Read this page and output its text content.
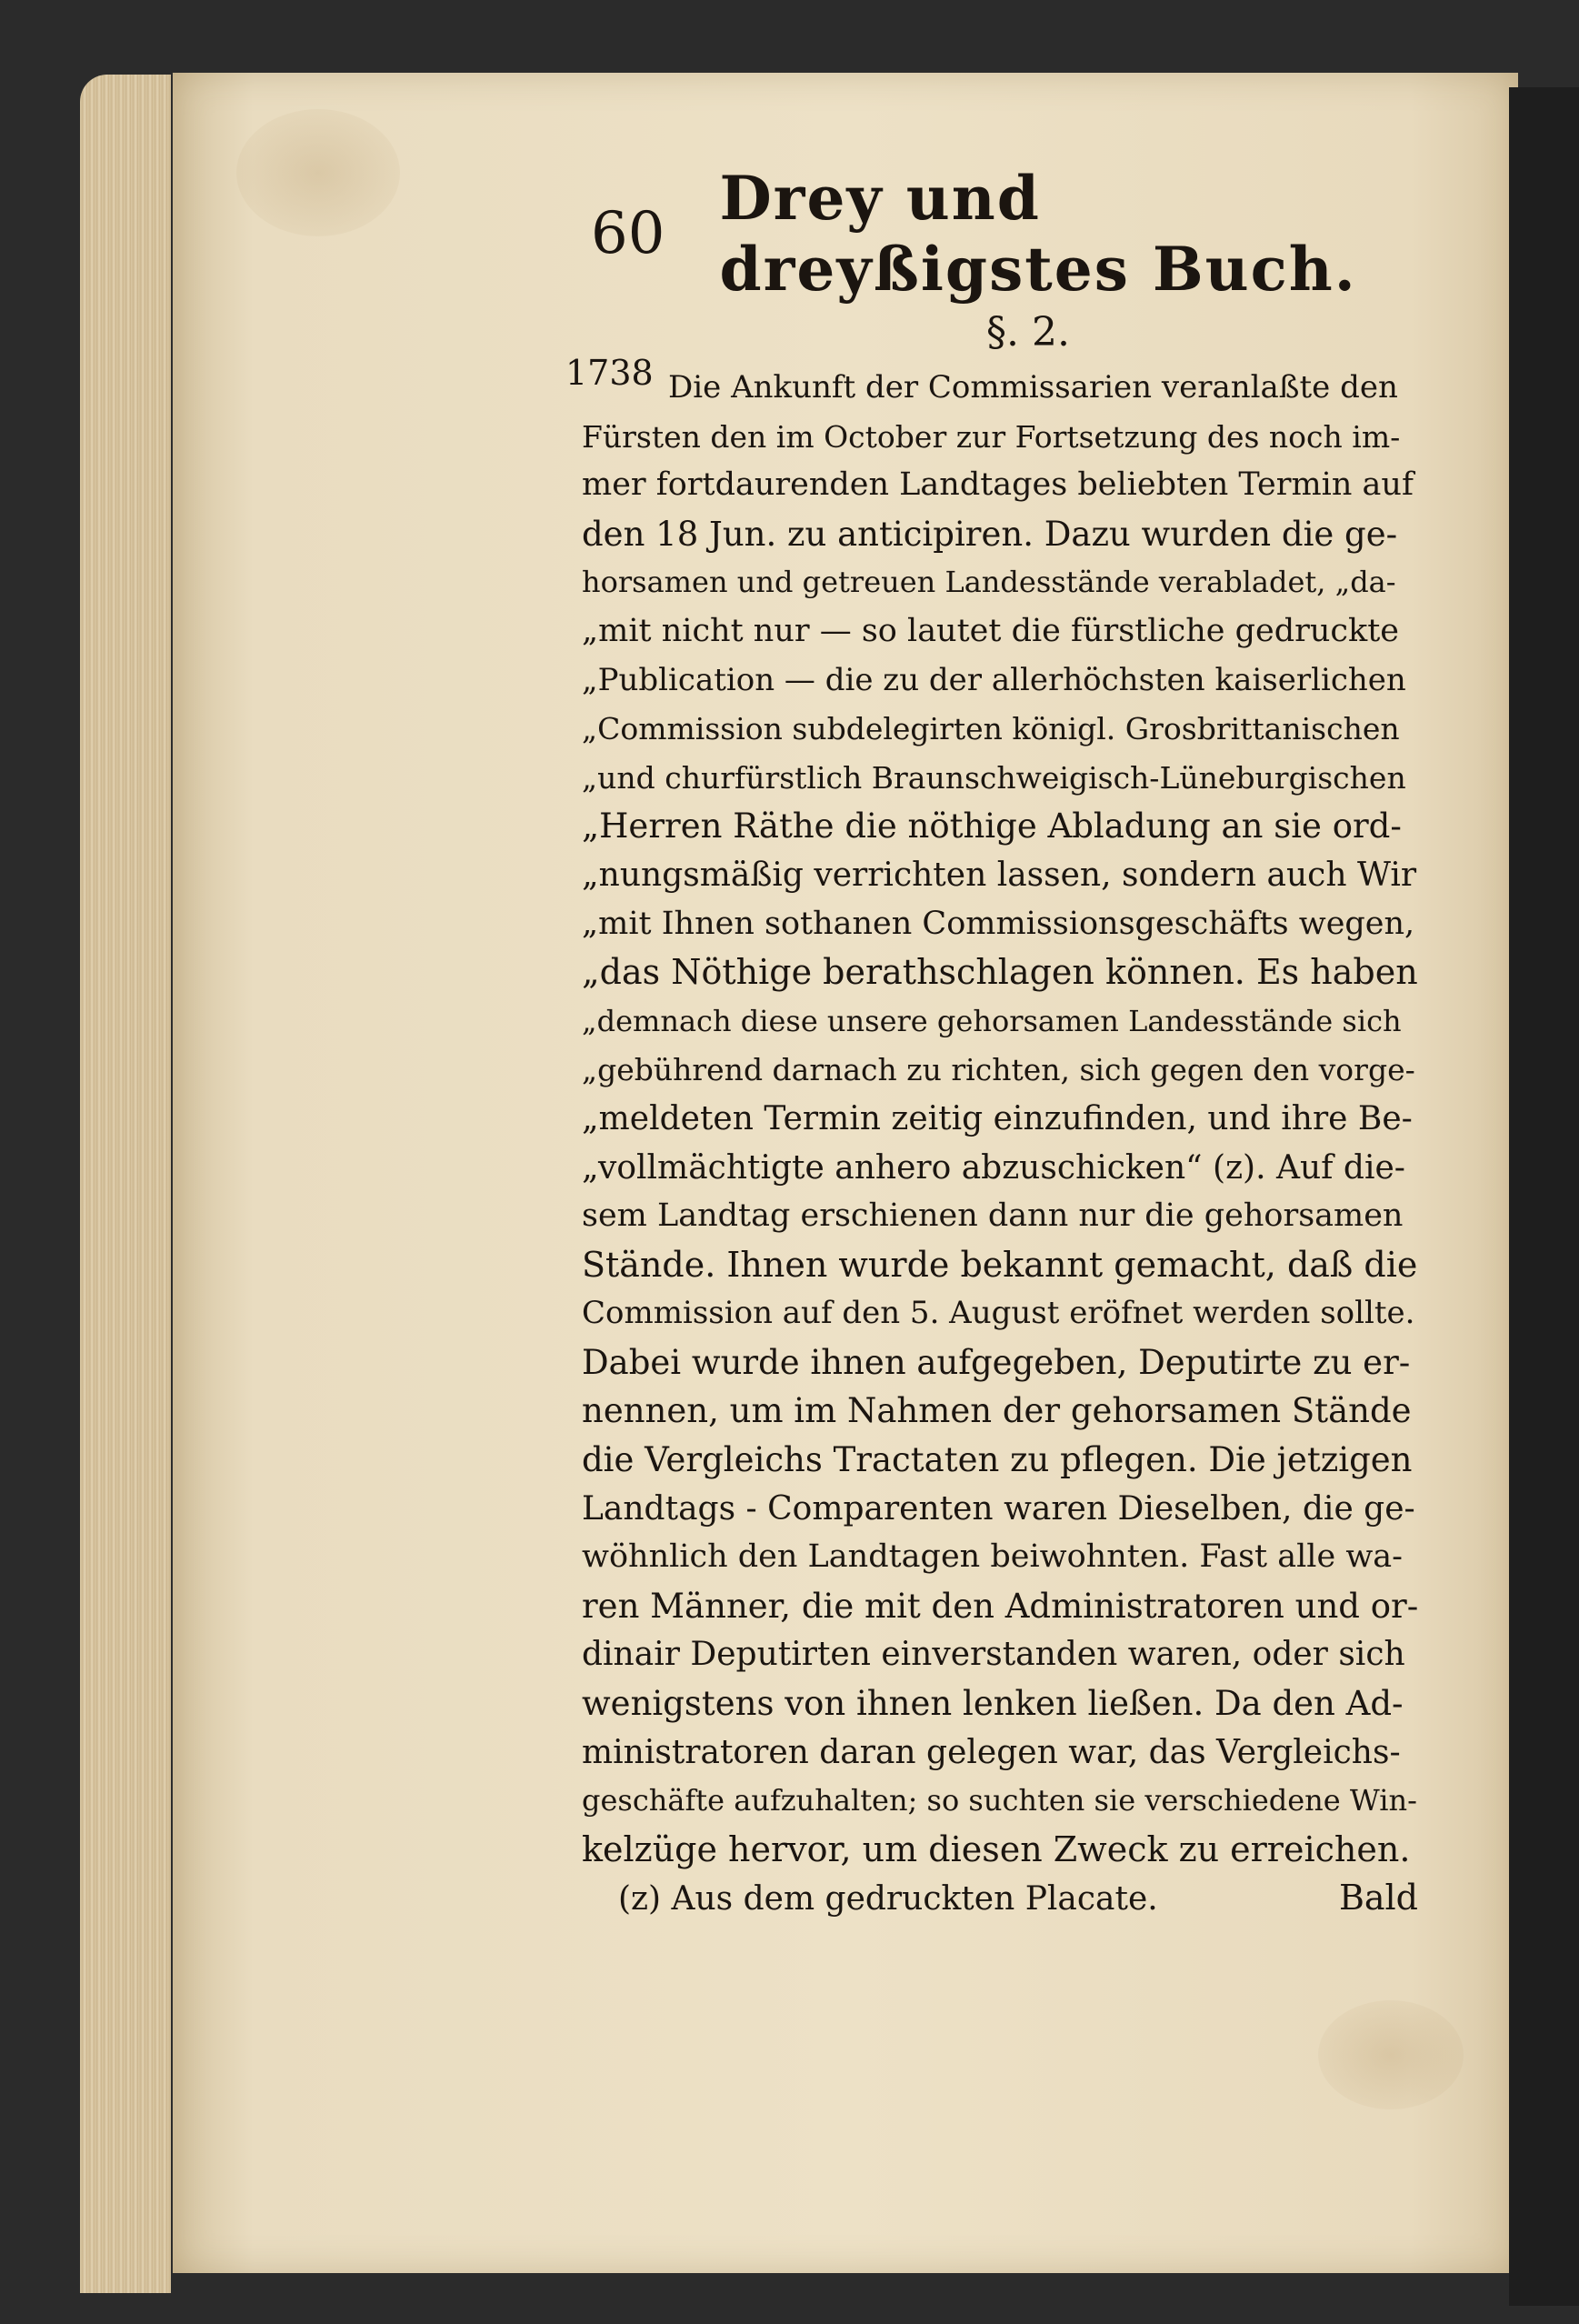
60 Drey und dreyßigstes Buch.
§. 2.
1738 Die Ankunft der Commissarien veranlaßte den
Fürsten den im October zur Fortsetzung des noch im-
mer fortdaurenden Landtages beliebten Termin auf
den 18 Jun. zu anticipiren. Dazu wurden die ge-
horsamen und getreuen Landesstände verabladet, „da-
„mit nicht nur — so lautet die fürstliche gedruckte
„Publication — die zu der allerhöchsten kaiserlichen
„Commission subdelegirten königl. Grosbrittanischen
„und churfürstlich Braunschweigisch-Lüneburgischen
„Herren Räthe die nöthige Abladung an sie ord-
„nungsmäßig verrichten lassen, sondern auch Wir
„mit Ihnen sothanen Commissionsgeschäfts wegen,
„das Nöthige berathschlagen können. Es haben
„demnach diese unsere gehorsamen Landesstände sich
„gebührend darnach zu richten, sich gegen den vorge-
„meldeten Termin zeitig einzufinden, und ihre Be-
„vollmächtigte anhero abzuschicken“ (z). Auf die-
sem Landtag erschienen dann nur die gehorsamen
Stände. Ihnen wurde bekannt gemacht, daß die
Commission auf den 5. August eröfnet werden sollte.
Dabei wurde ihnen aufgegeben, Deputirte zu er-
nennen, um im Nahmen der gehorsamen Stände
die Vergleichs Tractaten zu pflegen. Die jetzigen
Landtags - Comparenten waren Dieselben, die ge-
wöhnlich den Landtagen beiwohnten. Fast alle wa-
ren Männer, die mit den Administratoren und or-
dinair Deputirten einverstanden waren, oder sich
wenigstens von ihnen lenken ließen. Da den Ad-
ministratoren daran gelegen war, das Vergleichs-
geschäfte aufzuhalten; so suchten sie verschiedene Win-
kelzüge hervor, um diesen Zweck zu erreichen.
Bald
(z) Aus dem gedruckten Placate.
